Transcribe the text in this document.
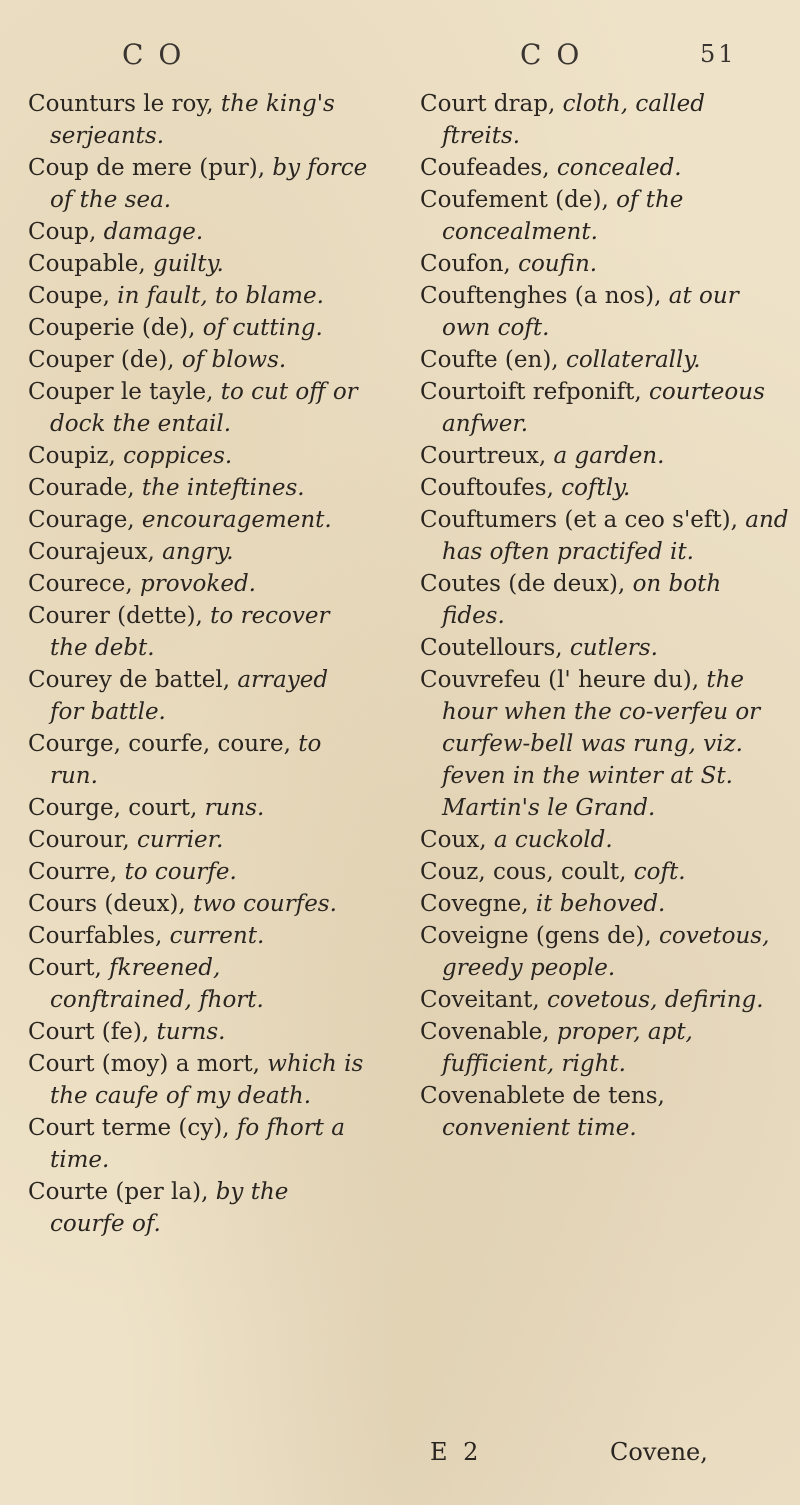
C O	C O	51

Counturs le roy, the king's serjeants.

Coup de mere (pur), by force of the sea.

Coup, damage.

Coupable, guilty.

Coupe, in fault, to blame.

Couperie (de), of cutting.

Couper (de), of blows.

Couper le tayle, to cut off or dock the entail.

Coupiz, coppices.

Courade, the inteftines.

Courage, encouragement.

Courajeux, angry.

Courece, provoked.

Courer (dette), to recover the debt.

Courey de battel, arrayed for battle.

Courge, courfe, coure, to run.

Courge, court, runs.

Courour, currier.

Courre, to courfe.

Cours (deux), two courfes.

Courfables, current.

Court, fkreened, conftrained, fhort.

Court (fe), turns.

Court (moy) a mort, which is the caufe of my death.

Court terme (cy), fo fhort a time.

Courte (per la), by the courfe of.

Court drap, cloth, called ftreits.

Coufeades, concealed.

Coufement (de), of the concealment.

Coufon, coufin.

Couftenghes (a nos), at our own coft.

Coufte (en), collaterally.

Courtoift refponift, courteous anfwer.

Courtreux, a garden.

Couftoufes, coftly.

Couftumers (et a ceo s'eft), and has often practifed it.

Coutes (de deux), on both fides.

Coutellours, cutlers.

Couvrefeu (l' heure du), the hour when the co-verfeu or curfew-bell was rung, viz. feven in the winter at St. Martin's le Grand.

Coux, a cuckold.

Couz, cous, coult, coft.

Covegne, it behoved.

Coveigne (gens de), covetous, greedy people.

Coveitant, covetous, defiring.

Covenable, proper, apt, fufficient, right.

Covenablete de tens, convenient time.

E 2	Covene,
